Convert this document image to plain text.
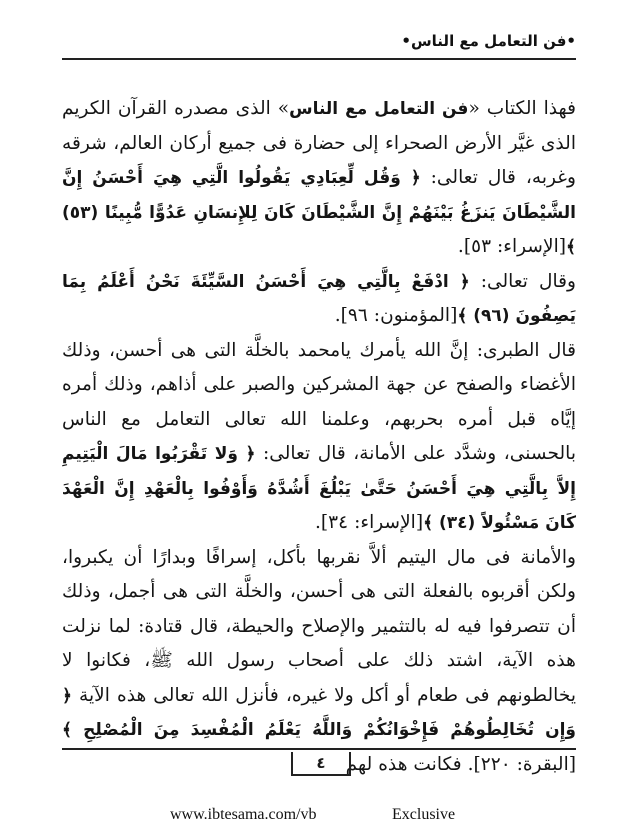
•فن التعامل مع الناس•

فهذا الكتاب «فن التعامل مع الناس» الذى مصدره القرآن الكريم الذى غيَّر الأرض الصحراء إلى حضارة فى جميع أركان العالم، شرقه وغربه، قال تعالى: ﴿ وَقُل لِّعِبَادِي يَقُولُوا الَّتِي هِيَ أَحْسَنُ إِنَّ الشَّيْطَانَ يَنزَغُ بَيْنَهُمْ إِنَّ الشَّيْطَانَ كَانَ لِلإِنسَانِ عَدُوًّا مُّبِينًا (٥٣) ﴾[الإسراء: ٥٣].

وقال تعالى: ﴿ ادْفَعْ بِالَّتِي هِيَ أَحْسَنُ السَّيِّئَةَ نَحْنُ أَعْلَمُ بِمَا يَصِفُونَ (٩٦) ﴾[المؤمنون: ٩٦].

قال الطبرى: إنَّ الله يأمرك يامحمد بالخلَّة التى هى أحسن، وذلك الأغضاء والصفح عن جهة المشركين والصبر على أذاهم، وذلك أمره إيَّاه قبل أمره بحربهم، وعلمنا الله تعالى التعامل مع الناس بالحسنى، وشدَّد على الأمانة، قال تعالى: ﴿ وَلا تَقْرَبُوا مَالَ الْيَتِيمِ إِلاَّ بِالَّتِي هِيَ أَحْسَنُ حَتَّىٰ يَبْلُغَ أَشُدَّهُ وَأَوْفُوا بِالْعَهْدِ إِنَّ الْعَهْدَ كَانَ مَسْئُولاً (٣٤) ﴾[الإسراء: ٣٤].

والأمانة فى مال اليتيم ألاَّ نقربها بأكل، إسرافًا وبدارًا أن يكبروا، ولكن أقربوه بالفعلة التى هى أحسن، والخلَّة التى هى أجمل، وذلك أن تتصرفوا فيه له بالتثمير والإصلاح والحيطة، قال قتادة: لما نزلت هذه الآية، اشتد ذلك على أصحاب رسول الله ﷺ، فكانوا لا يخالطونهم فى طعام أو أكل ولا غيره، فأنزل الله تعالى هذه الآية ﴿ وَإِن تُخَالِطُوهُمْ فَإِخْوَانُكُمْ وَاللَّهُ يَعْلَمُ الْمُفْسِدَ مِنَ الْمُصْلِحِ ﴾[البقرة: ٢٢٠]. فكانت هذه لهم

٤
www.ibtesama.com/vb	Exclusive
